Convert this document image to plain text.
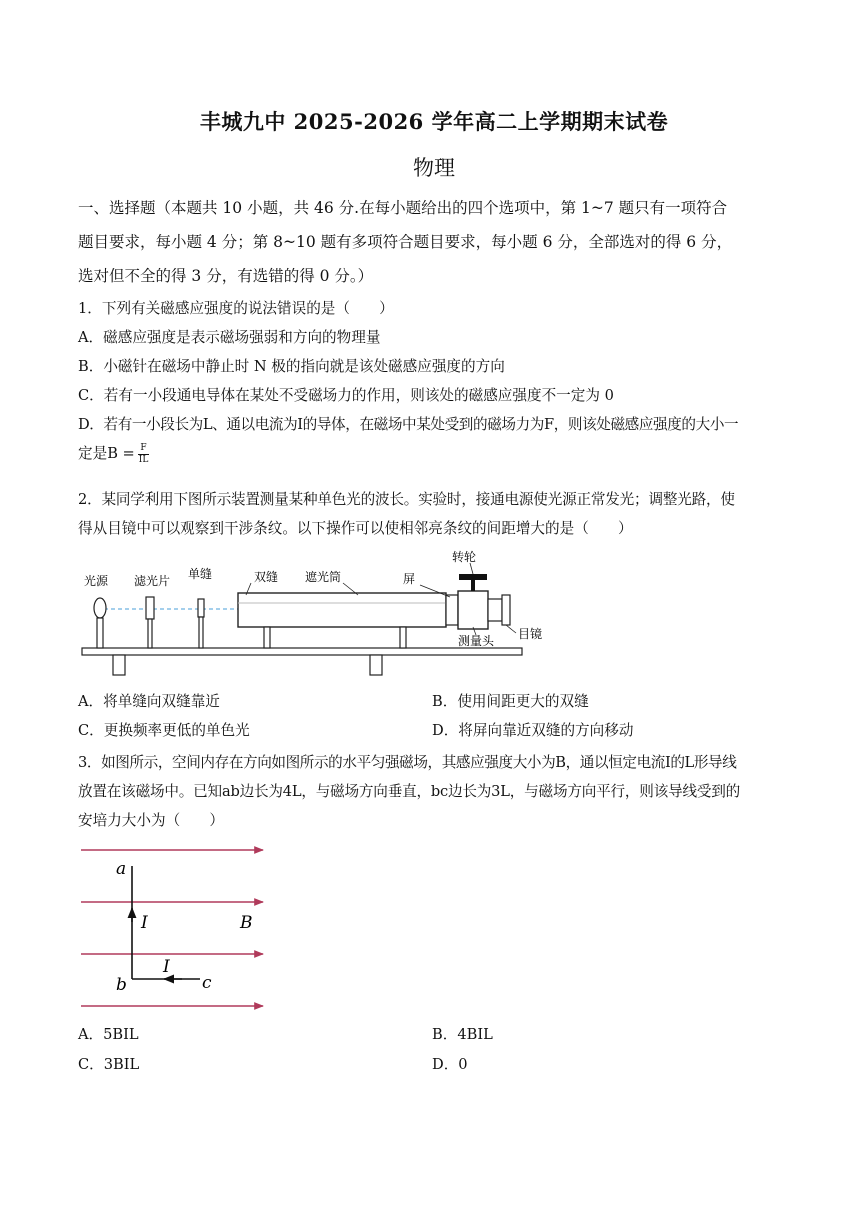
丰城九中 2025-2026 学年高二上学期期末试卷
物理
一、选择题（本题共 10 小题，共 46 分.在每小题给出的四个选项中，第 1~7 题只有一项符合
题目要求，每小题 4 分；第 8~10 题有多项符合题目要求，每小题 6 分，全部选对的得 6 分，
选对但不全的得 3 分，有选错的得 0 分。）
1．下列有关磁感应强度的说法错误的是（　　）
A．磁感应强度是表示磁场强弱和方向的物理量
B．小磁针在磁场中静止时 N 极的指向就是该处磁感应强度的方向
C．若有一小段通电导体在某处不受磁场力的作用，则该处的磁感应强度不一定为 0
D．若有一小段长为L、通以电流为I的导体，在磁场中某处受到的磁场力为F，则该处磁感应强度的大小一
定是$B = \frac{F}{IL}$
2．某同学利用下图所示装置测量某种单色光的波长。实验时，接通电源使光源正常发光；调整光路，使
得从目镜中可以观察到干涉条纹。以下操作可以使相邻亮条纹的间距增大的是（　　）
光源 滤光片 单缝	双缝 遮光筒	屏
转轮
测量头 目镜
A．将单缝向双缝靠近	B．使用间距更大的双缝
C．更换频率更低的单色光	D．将屏向靠近双缝的方向移动
3．如图所示，空间内存在方向如图所示的水平匀强磁场，其感应强度大小为B，通以恒定电流I的L形导线
放置在该磁场中。已知ab边长为4L，与磁场方向垂直，bc边长为3L，与磁场方向平行，则该导线受到的
安培力大小为（　　）
a
I	B
I
b	c
A．5BIL	B．4BIL
C．3BIL	D．0
